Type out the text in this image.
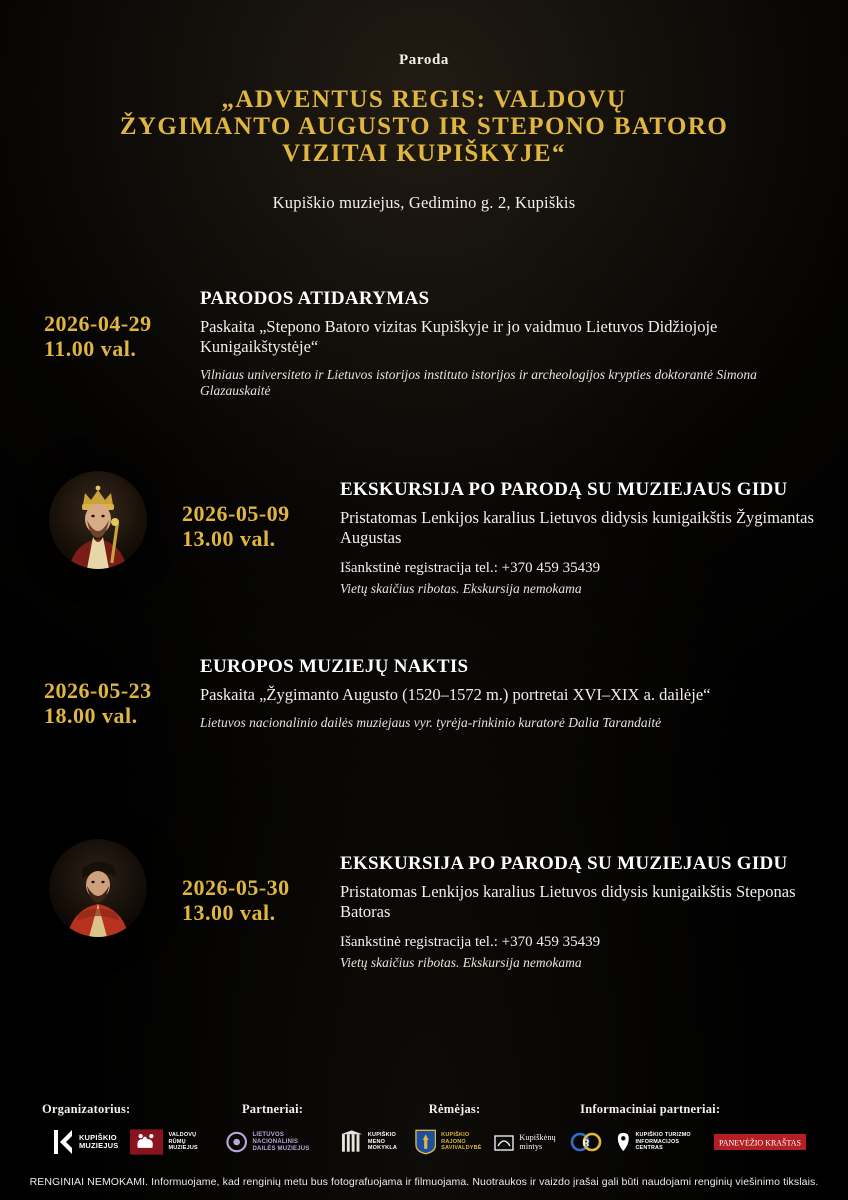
Paroda
„ADVENTUS REGIS: VALDOVŲ
ŽYGIMANTO AUGUSTO IR STEPONO BATORO
VIZITAI KUPIŠKYJE“
Kupiškio muziejus, Gedimino g. 2, Kupiškis
2026-04-29
11.00 val.
PARODOS ATIDARYMAS
Paskaita „Stepono Batoro vizitas Kupiškyje ir jo vaidmuo Lietuvos Didžiojoje Kunigaikštystėje“
Vilniaus universiteto ir Lietuvos istorijos instituto istorijos ir archeologijos krypties doktorantė Simona Glazauskaitė
2026-05-09
13.00 val.
EKSKURSIJA PO PARODĄ SU MUZIEJAUS GIDU
Pristatomas Lenkijos karalius Lietuvos didysis kunigaikštis Žygimantas Augustas
Išankstinė registracija tel.: +370 459 35439
Vietų skaičius ribotas. Ekskursija nemokama
2026-05-23
18.00 val.
EUROPOS MUZIEJŲ NAKTIS
Paskaita „Žygimanto Augusto (1520–1572 m.) portretai XVI–XIX a. dailėje“
Lietuvos nacionalinio dailės muziejaus vyr. tyrėja-rinkinio kuratorė Dalia Tarandaitė
2026-05-30
13.00 val.
EKSKURSIJA PO PARODĄ SU MUZIEJAUS GIDU
Pristatomas Lenkijos karalius Lietuvos didysis kunigaikštis Steponas Batoras
Išankstinė registracija tel.: +370 459 35439
Vietų skaičius ribotas. Ekskursija nemokama
Organizatorius:
KUPIŠKIO
MUZIEJUS
Partneriai:
VALDOVŲ RŪMŲ
MUZIEJUS
LIETUVOS NACIONALINIS
DAILĖS MUZIEJUS
KUPIŠKIO
MENO MOKYKLA
Rėmėjas:
KUPIŠKIO RAJONO
SAVIVALDYBĖ
Informaciniai partneriai:
Kupiškėnų
mintys	R
KUPIŠKIO TURIZMO
INFORMACIJOS CENTRAS
PANEVĖŽIO KRAŠTAS
RENGINIAI NEMOKAMI. Informuojame, kad renginių metu bus fotografuojama ir filmuojama. Nuotraukos ir vaizdo įrašai gali būti naudojami renginių viešinimo tikslais.
